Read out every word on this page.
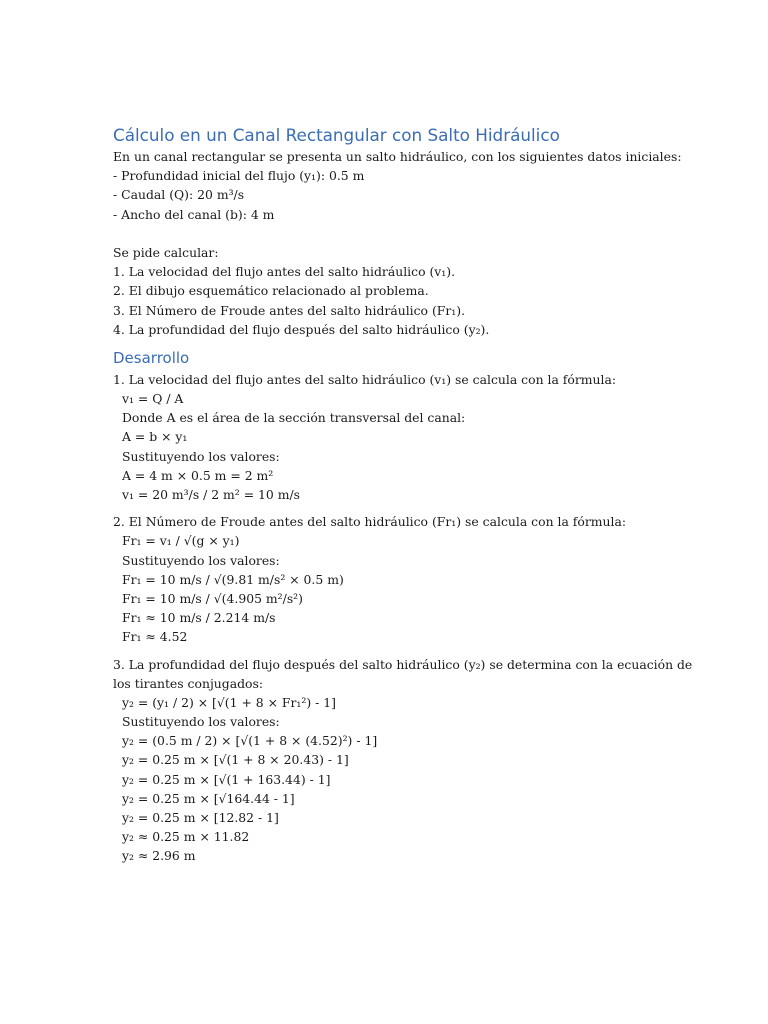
Cálculo en un Canal Rectangular con Salto Hidráulico
En un canal rectangular se presenta un salto hidráulico, con los siguientes datos iniciales:
- Profundidad inicial del flujo (y₁): 0.5 m
- Caudal (Q): 20 m³/s
- Ancho del canal (b): 4 m
Se pide calcular:
1. La velocidad del flujo antes del salto hidráulico (v₁).
2. El dibujo esquemático relacionado al problema.
3. El Número de Froude antes del salto hidráulico (Fr₁).
4. La profundidad del flujo después del salto hidráulico (y₂).
Desarrollo
1. La velocidad del flujo antes del salto hidráulico (v₁) se calcula con la fórmula:
v₁ = Q / A
Donde A es el área de la sección transversal del canal:
A = b × y₁
Sustituyendo los valores:
A = 4 m × 0.5 m = 2 m²
v₁ = 20 m³/s / 2 m² = 10 m/s
2. El Número de Froude antes del salto hidráulico (Fr₁) se calcula con la fórmula:
Fr₁ = v₁ / √(g × y₁)
Sustituyendo los valores:
Fr₁ = 10 m/s / √(9.81 m/s² × 0.5 m)
Fr₁ = 10 m/s / √(4.905 m²/s²)
Fr₁ ≈ 10 m/s / 2.214 m/s
Fr₁ ≈ 4.52
3. La profundidad del flujo después del salto hidráulico (y₂) se determina con la ecuación de
los tirantes conjugados:
y₂ = (y₁ / 2) × [√(1 + 8 × Fr₁²) - 1]
Sustituyendo los valores:
y₂ = (0.5 m / 2) × [√(1 + 8 × (4.52)²) - 1]
y₂ = 0.25 m × [√(1 + 8 × 20.43) - 1]
y₂ = 0.25 m × [√(1 + 163.44) - 1]
y₂ = 0.25 m × [√164.44 - 1]
y₂ = 0.25 m × [12.82 - 1]
y₂ ≈ 0.25 m × 11.82
y₂ ≈ 2.96 m
